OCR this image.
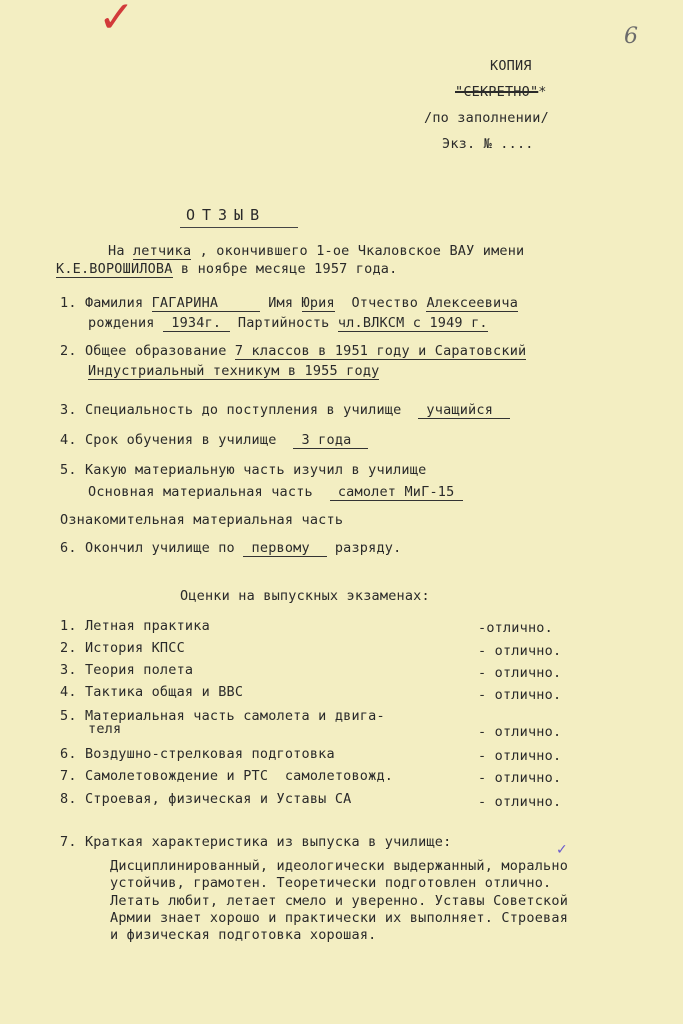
✓	6
КОПИЯ
"СЕКРЕТНО"*
/по заполнении/
Экз. № ....
ОТЗЫВ
На летчика , окончившего 1-ое Чкаловское ВАУ имени
К.Е.ВОРОШИЛОВА в ноябре месяце 1957 года.
1. Фамилия ГАГАРИНА      Имя Юрия  Отчество Алексеевича
рождения  1934г.  Партийность чл.ВЛКСМ с 1949 г.
2. Общее образование 7 классов в 1951 году и Саратовский
Индустриальный техникум в 1955 году
3. Специальность до поступления в училище   учащийся
4. Срок обучения в училище   3 года
5. Какую материальную часть изучил в училище
Основная материальная часть   самолет МиГ-15
Ознакомительная материальная часть
6. Окончил училище по  первому   разряду.
Оценки на выпускных экзаменах:
1. Летная практика	-отлично.
2. История КПСС	- отлично.
3. Теория полета	- отлично.
4. Тактика общая и ВВС	- отлично.
5. Материальная часть самолета и двига-
теля	- отлично.
6. Воздушно-стрелковая подготовка	- отлично.
7. Самолетовождение и РТС  самолетовожд.	- отлично.
8. Строевая, физическая и Уставы СА	- отлично.
7. Краткая характеристика из выпуска в училище:
Дисциплинированный, идеологически выдержанный, морально
устойчив, грамотен. Теоретически подготовлен отлично.
Летать любит, летает смело и уверенно. Уставы Советской
Армии знает хорошо и практически их выполняет. Строевая
и физическая подготовка хорошая.
✓
